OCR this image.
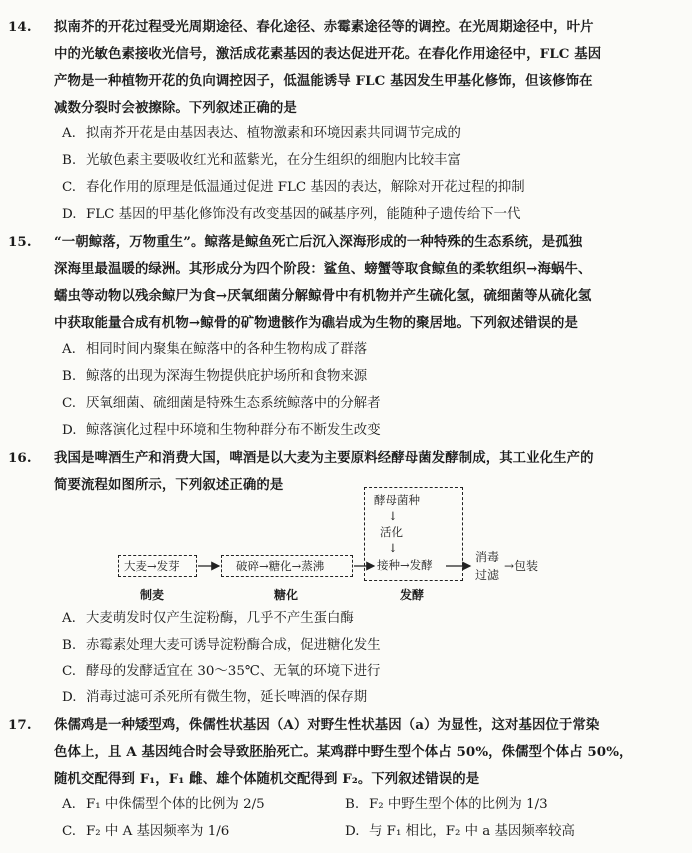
14. 拟南芥的开花过程受光周期途径、春化途径、赤霉素途径等的调控。在光周期途径中，叶片
中的光敏色素接收光信号，激活成花素基因的表达促进开花。在春化作用途径中，FLC 基因
产物是一种植物开花的负向调控因子，低温能诱导 FLC 基因发生甲基化修饰，但该修饰在
减数分裂时会被擦除。下列叙述正确的是
A. 拟南芥开花是由基因表达、植物激素和环境因素共同调节完成的
B. 光敏色素主要吸收红光和蓝紫光，在分生组织的细胞内比较丰富
C. 春化作用的原理是低温通过促进 FLC 基因的表达，解除对开花过程的抑制
D. FLC 基因的甲基化修饰没有改变基因的碱基序列，能随种子遗传给下一代
15. “一朝鲸落，万物重生”。鲸落是鲸鱼死亡后沉入深海形成的一种特殊的生态系统，是孤独
深海里最温暖的绿洲。其形成分为四个阶段：鲨鱼、螃蟹等取食鲸鱼的柔软组织→海蜗牛、
蠕虫等动物以残余鲸尸为食→厌氧细菌分解鲸骨中有机物并产生硫化氢，硫细菌等从硫化氢
中获取能量合成有机物→鲸骨的矿物遗骸作为礁岩成为生物的聚居地。下列叙述错误的是
A. 相同时间内聚集在鲸落中的各种生物构成了群落
B. 鲸落的出现为深海生物提供庇护场所和食物来源
C. 厌氧细菌、硫细菌是特殊生态系统鲸落中的分解者
D. 鲸落演化过程中环境和生物种群分布不断发生改变
16. 我国是啤酒生产和消费大国，啤酒是以大麦为主要原料经酵母菌发酵制成，其工业化生产的
简要流程如图所示，下列叙述正确的是
大麦→发芽
制麦
破碎→糖化→蒸沸
糖化
酵母菌种
↓
活化
↓
接种→发酵
发酵
消毒
过滤
→包装
A. 大麦萌发时仅产生淀粉酶，几乎不产生蛋白酶
B. 赤霉素处理大麦可诱导淀粉酶合成，促进糖化发生
C. 酵母的发酵适宜在 30～35℃、无氧的环境下进行
D. 消毒过滤可杀死所有微生物，延长啤酒的保存期
17. 侏儒鸡是一种矮型鸡，侏儒性状基因（A）对野生性状基因（a）为显性，这对基因位于常染
色体上，且 A 基因纯合时会导致胚胎死亡。某鸡群中野生型个体占 50%，侏儒型个体占 50%，
随机交配得到 F₁，F₁ 雌、雄个体随机交配得到 F₂。下列叙述错误的是
A. F₁ 中侏儒型个体的比例为 2/5	B. F₂ 中野生型个体的比例为 1/3
C. F₂ 中 A 基因频率为 1/6	D. 与 F₁ 相比，F₂ 中 a 基因频率较高
